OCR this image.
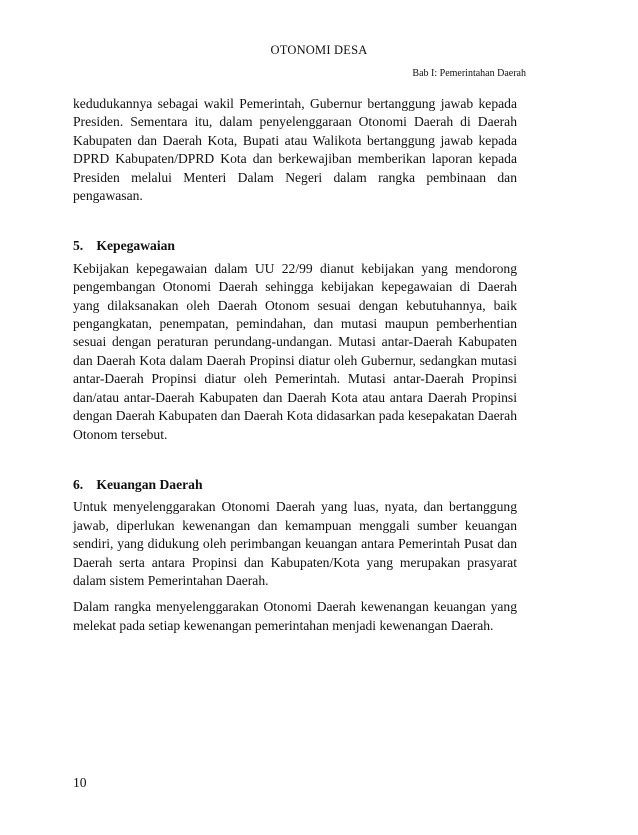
OTONOMI DESA
Bab I: Pemerintahan Daerah

kedudukannya sebagai wakil Pemerintah, Gubernur bertanggung jawab kepada Presiden. Sementara itu, dalam penyelenggaraan Otonomi Daerah di Daerah Kabupaten dan Daerah Kota, Bupati atau Walikota bertanggung jawab kepada DPRD Kabupaten/DPRD Kota dan berkewajiban memberikan laporan kepada Presiden melalui Menteri Dalam Negeri dalam rangka pembinaan dan pengawasan.

5. Kepegawaian

Kebijakan kepegawaian dalam UU 22/99 dianut kebijakan yang mendorong pengembangan Otonomi Daerah sehingga kebijakan kepegawaian di Daerah yang dilaksanakan oleh Daerah Otonom sesuai dengan kebutuhannya, baik pengangkatan, penempatan, pemindahan, dan mutasi maupun pemberhentian sesuai dengan peraturan perundang-undangan. Mutasi antar-Daerah Kabupaten dan Daerah Kota dalam Daerah Propinsi diatur oleh Gubernur, sedangkan mutasi antar-Daerah Propinsi diatur oleh Pemerintah. Mutasi antar-Daerah Propinsi dan/atau antar-Daerah Kabupaten dan Daerah Kota atau antara Daerah Propinsi dengan Daerah Kabupaten dan Daerah Kota didasarkan pada kesepakatan Daerah Otonom tersebut.

6. Keuangan Daerah

Untuk menyelenggarakan Otonomi Daerah yang luas, nyata, dan bertanggung jawab, diperlukan kewenangan dan kemampuan menggali sumber keuangan sendiri, yang didukung oleh perimbangan keuangan antara Pemerintah Pusat dan Daerah serta antara Propinsi dan Kabupaten/Kota yang merupakan prasyarat dalam sistem Pemerintahan Daerah.

Dalam rangka menyelenggarakan Otonomi Daerah kewenangan keuangan yang melekat pada setiap kewenangan pemerintahan menjadi kewenangan Daerah.

10
